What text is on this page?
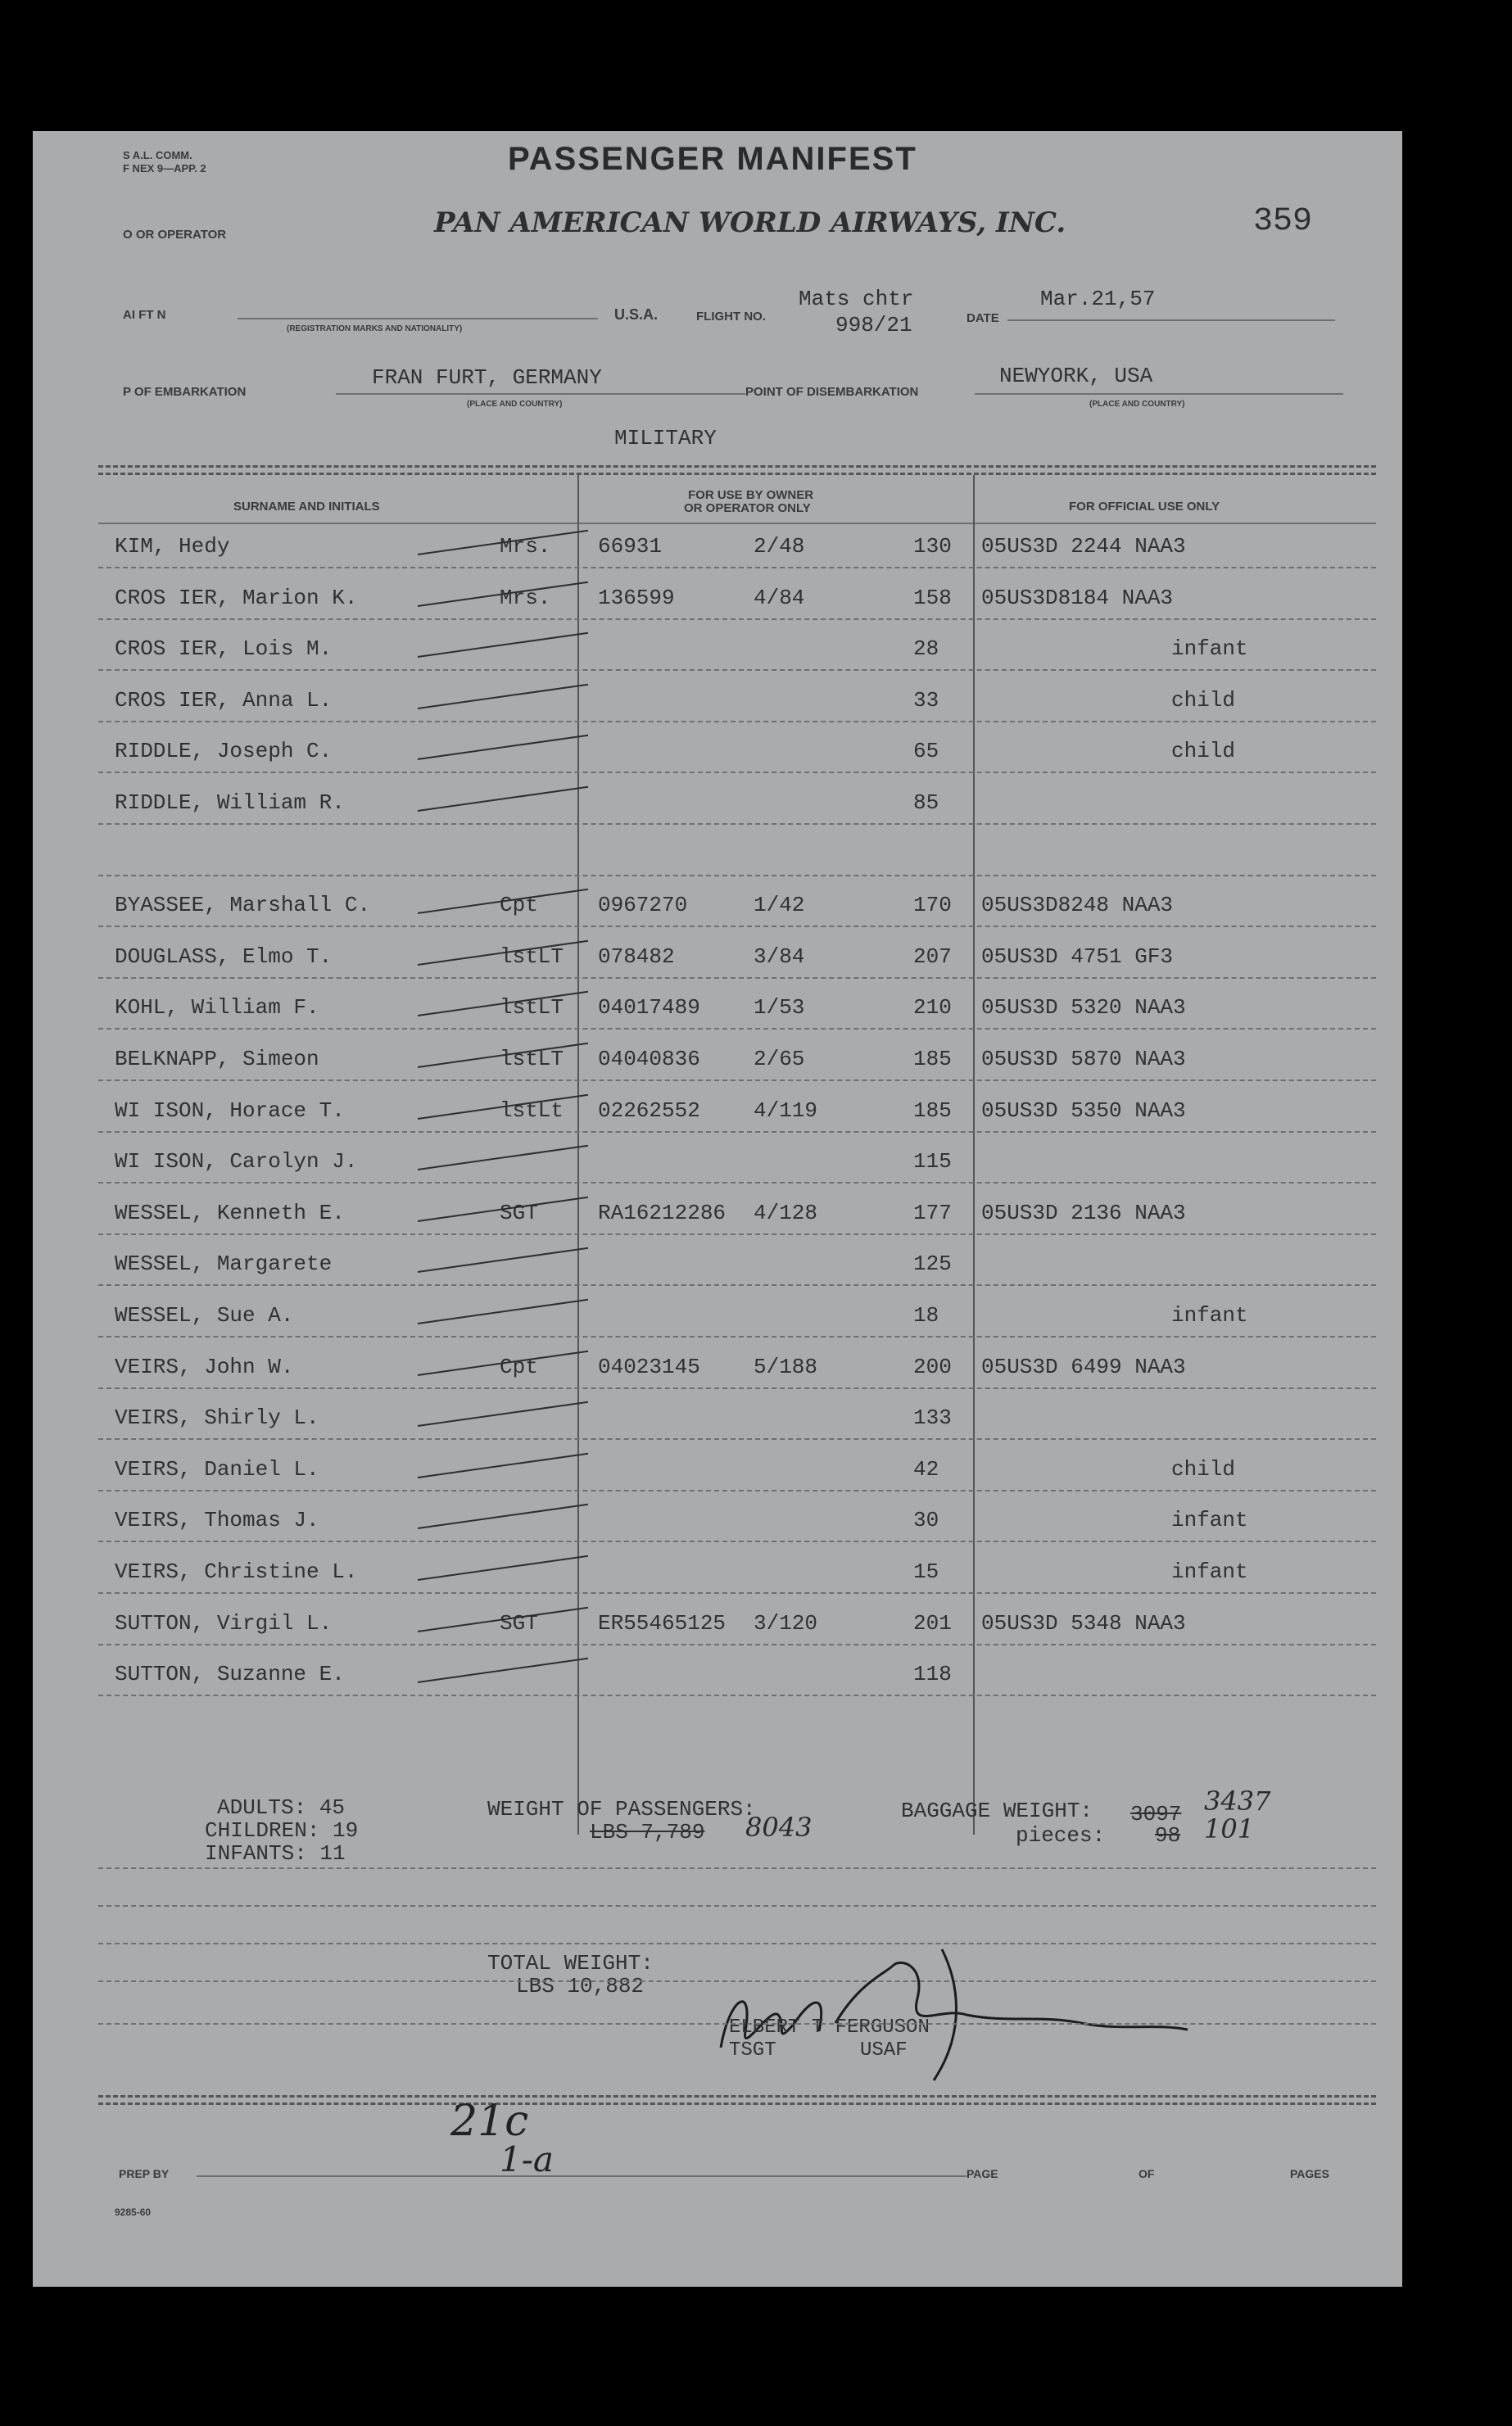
S A.L. COMM.
F NEX 9—APP. 2	PASSENGER MANIFEST
PAN AMERICAN WORLD AIRWAYS, INC.	359
O OR OPERATOR
AI FT N
(REGISTRATION MARKS AND NATIONALITY)
U.S.A.	FLIGHT NO.
Mats chtr
998/21	DATE
Mar.21,57
P OF EMBARKATION
FRAN FURT, GERMANY
(PLACE AND COUNTRY)
POINT OF DISEMBARKATION
NEWYORK, USA
(PLACE AND COUNTRY)
MILITARY
SURNAME AND INITIALS
FOR USE BY OWNER
OR OPERATOR ONLY	FOR OFFICIAL USE ONLY
KIM, Hedy	Mrs. 66931	2/48	130 05US3D 2244 NAA3
CROS IER, Marion K.	Mrs. 136599	4/84	158 05US3D8184 NAA3
CROS IER, Lois M.	28	infant
CROS IER, Anna L.	33	child
RIDDLE, Joseph C.	65	child
RIDDLE, William R.	85
BYASSEE, Marshall C.	Cpt	0967270	1/42	170 05US3D8248 NAA3
DOUGLASS, Elmo T.	lstLT 078482	3/84	207 05US3D 4751 GF3
KOHL, William F.	lstLT 04017489	1/53	210 05US3D 5320 NAA3
BELKNAPP, Simeon	lstLT 04040836	2/65	185 05US3D 5870 NAA3
WI ISON, Horace T.	lstLt 02262552	4/119	185 05US3D 5350 NAA3
WI ISON, Carolyn J.	115
WESSEL, Kenneth E.	SGT	RA16212286 4/128	177 05US3D 2136 NAA3
WESSEL, Margarete	125
WESSEL, Sue A.	18	infant
VEIRS, John W.	Cpt	04023145	5/188	200 05US3D 6499 NAA3
VEIRS, Shirly L.	133
VEIRS, Daniel L.	42	child
VEIRS, Thomas J.	30	infant
VEIRS, Christine L.	15	infant
SUTTON, Virgil L.	SGT	ER55465125 3/120	201 05US3D 5348 NAA3
SUTTON, Suzanne E.	118
ADULTS: 45
CHILDREN: 19
INFANTS: 11
WEIGHT OF PASSENGERS:
LBS 7,789 8043
BAGGAGE WEIGHT: 3097 3437
pieces: 98 101
TOTAL WEIGHT:
LBS 10,882
ELBERT T FERGUSON
TSGT	USAF
21c
1-a
PREP BY	PAGE	OF	PAGES
9285-60
